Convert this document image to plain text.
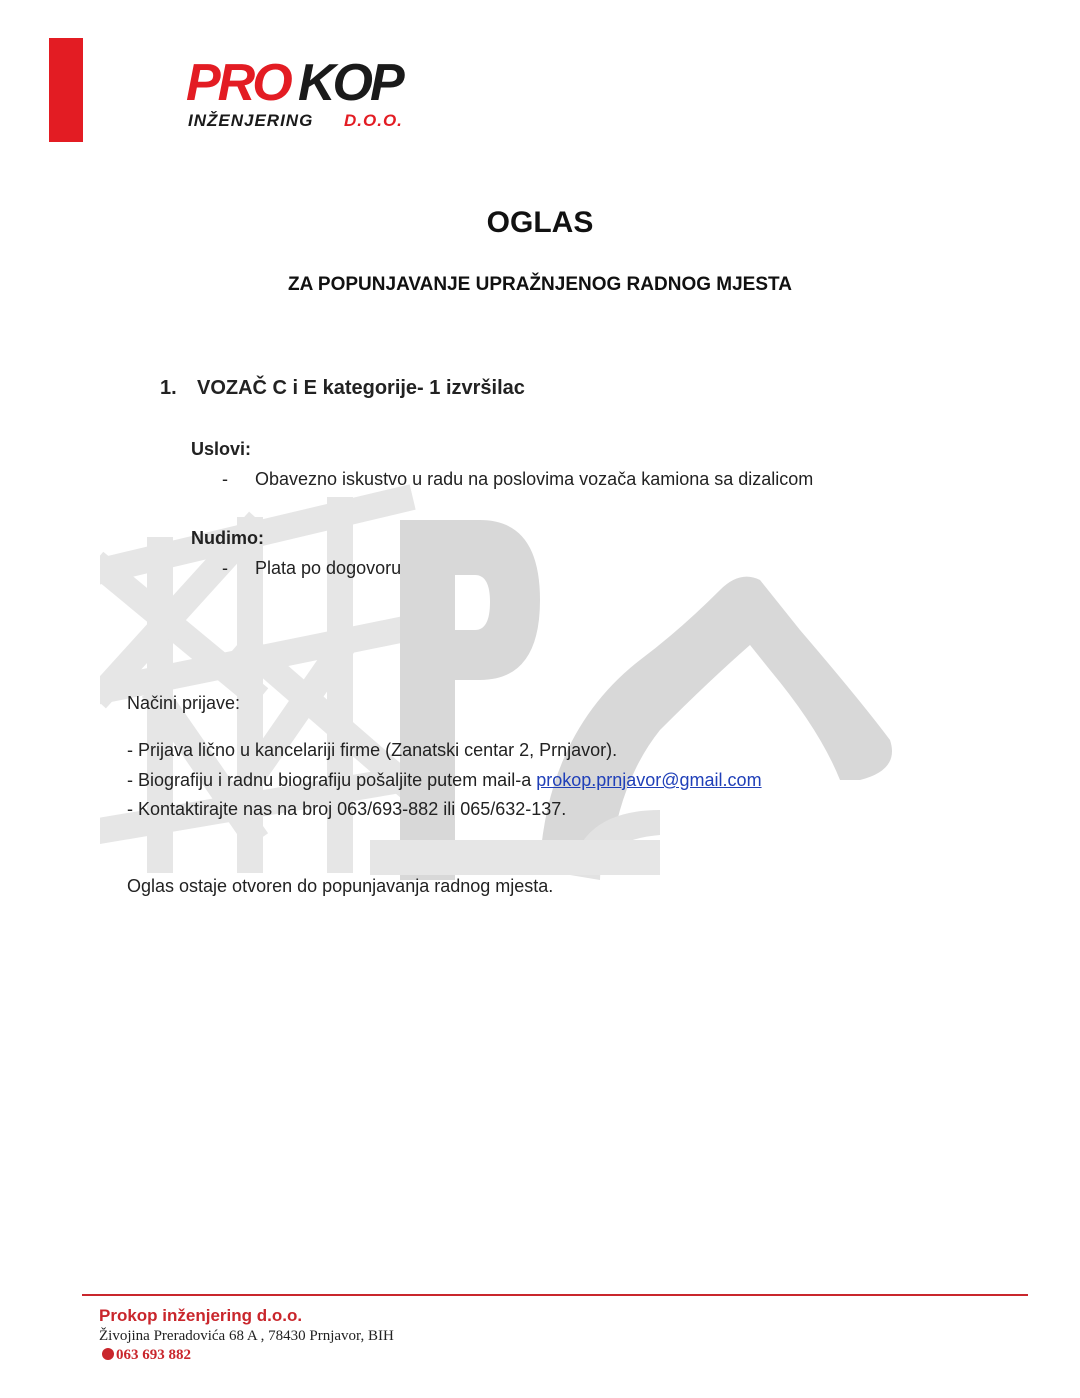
PRO KOP
INŽENJERING D.O.O.
OGLAS
ZA POPUNJAVANJE UPRAŽNJENOG RADNOG MJESTA
1. VOZAČ C i E kategorije- 1 izvršilac
Uslovi:
- Obavezno iskustvo u radu na poslovima vozača kamiona sa dizalicom
Nudimo:
- Plata po dogovoru
Načini prijave:
- Prijava lično u kancelariji firme (Zanatski centar 2, Prnjavor).
- Biografiju i radnu biografiju pošaljite putem mail-a prokop.prnjavor@gmail.com
- Kontaktirajte nas na broj 063/693-882 ili 065/632-137.
Oglas ostaje otvoren do popunjavanja radnog mjesta.
Prokop inženjering d.o.o.
Živojina Preradovića 68 A , 78430 Prnjavor, BIH
063 693 882
